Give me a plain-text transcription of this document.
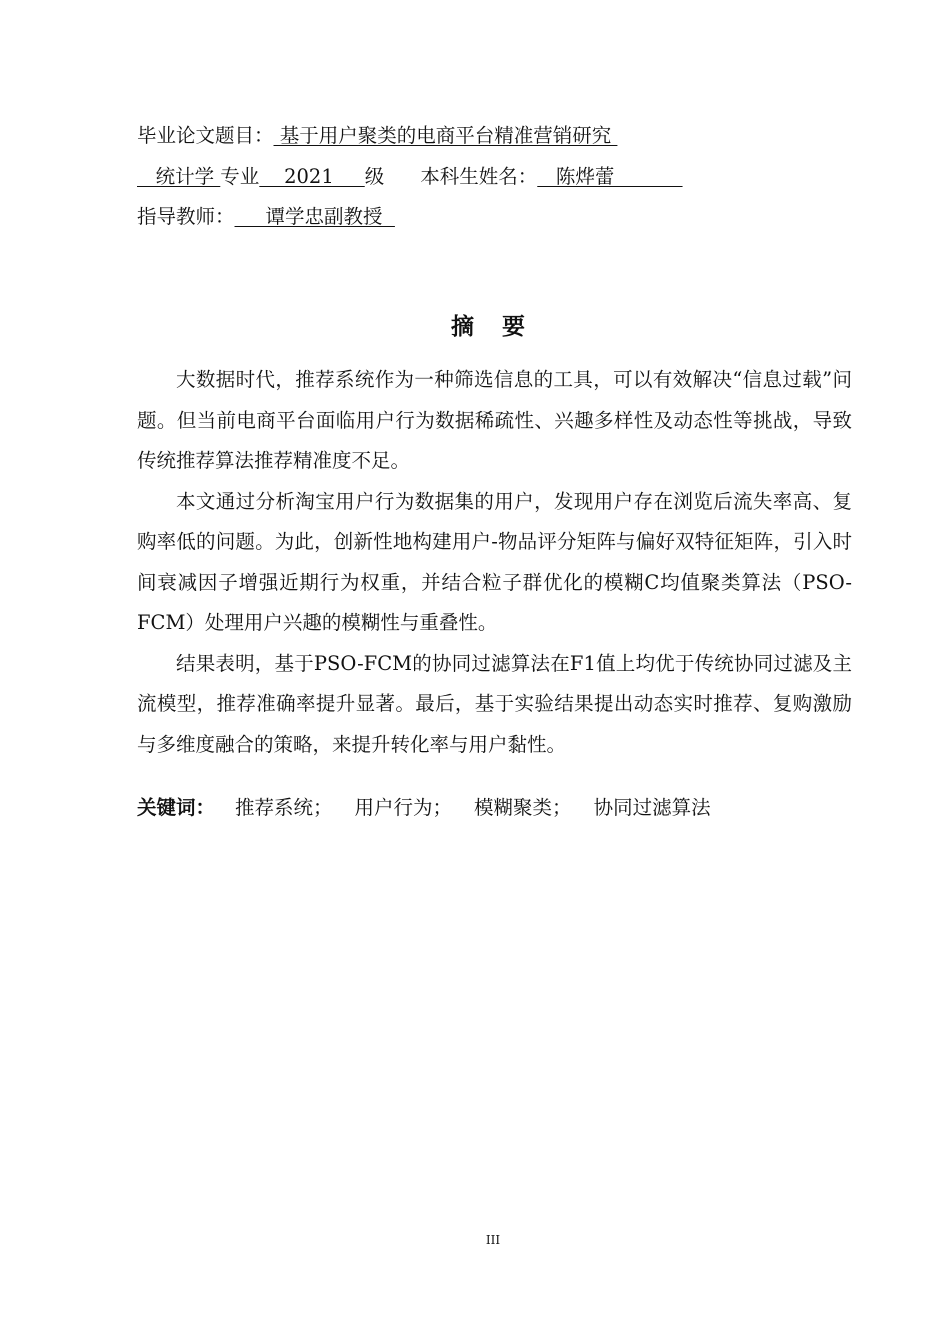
毕业论文题目： 基于用户聚类的电商平台精准营销研究
统计学 专业    2021     级 本科生姓名：   陈烨蕾
指导教师：     谭学忠副教授
摘 要

大数据时代，推荐系统作为一种筛选信息的工具，可以有效解决“信息过载”问题。但当前电商平台面临用户行为数据稀疏性、兴趣多样性及动态性等挑战，导致传统推荐算法推荐精准度不足。

本文通过分析淘宝用户行为数据集的用户，发现用户存在浏览后流失率高、复购率低的问题。为此，创新性地构建用户-物品评分矩阵与偏好双特征矩阵，引入时间衰减因子增强近期行为权重，并结合粒子群优化的模糊C均值聚类算法（PSO-FCM）处理用户兴趣的模糊性与重叠性。

结果表明，基于PSO-FCM的协同过滤算法在F1值上均优于传统协同过滤及主流模型，推荐准确率提升显著。最后，基于实验结果提出动态实时推荐、复购激励与多维度融合的策略，来提升转化率与用户黏性。

关键词： 推荐系统； 用户行为； 模糊聚类； 协同过滤算法
III
